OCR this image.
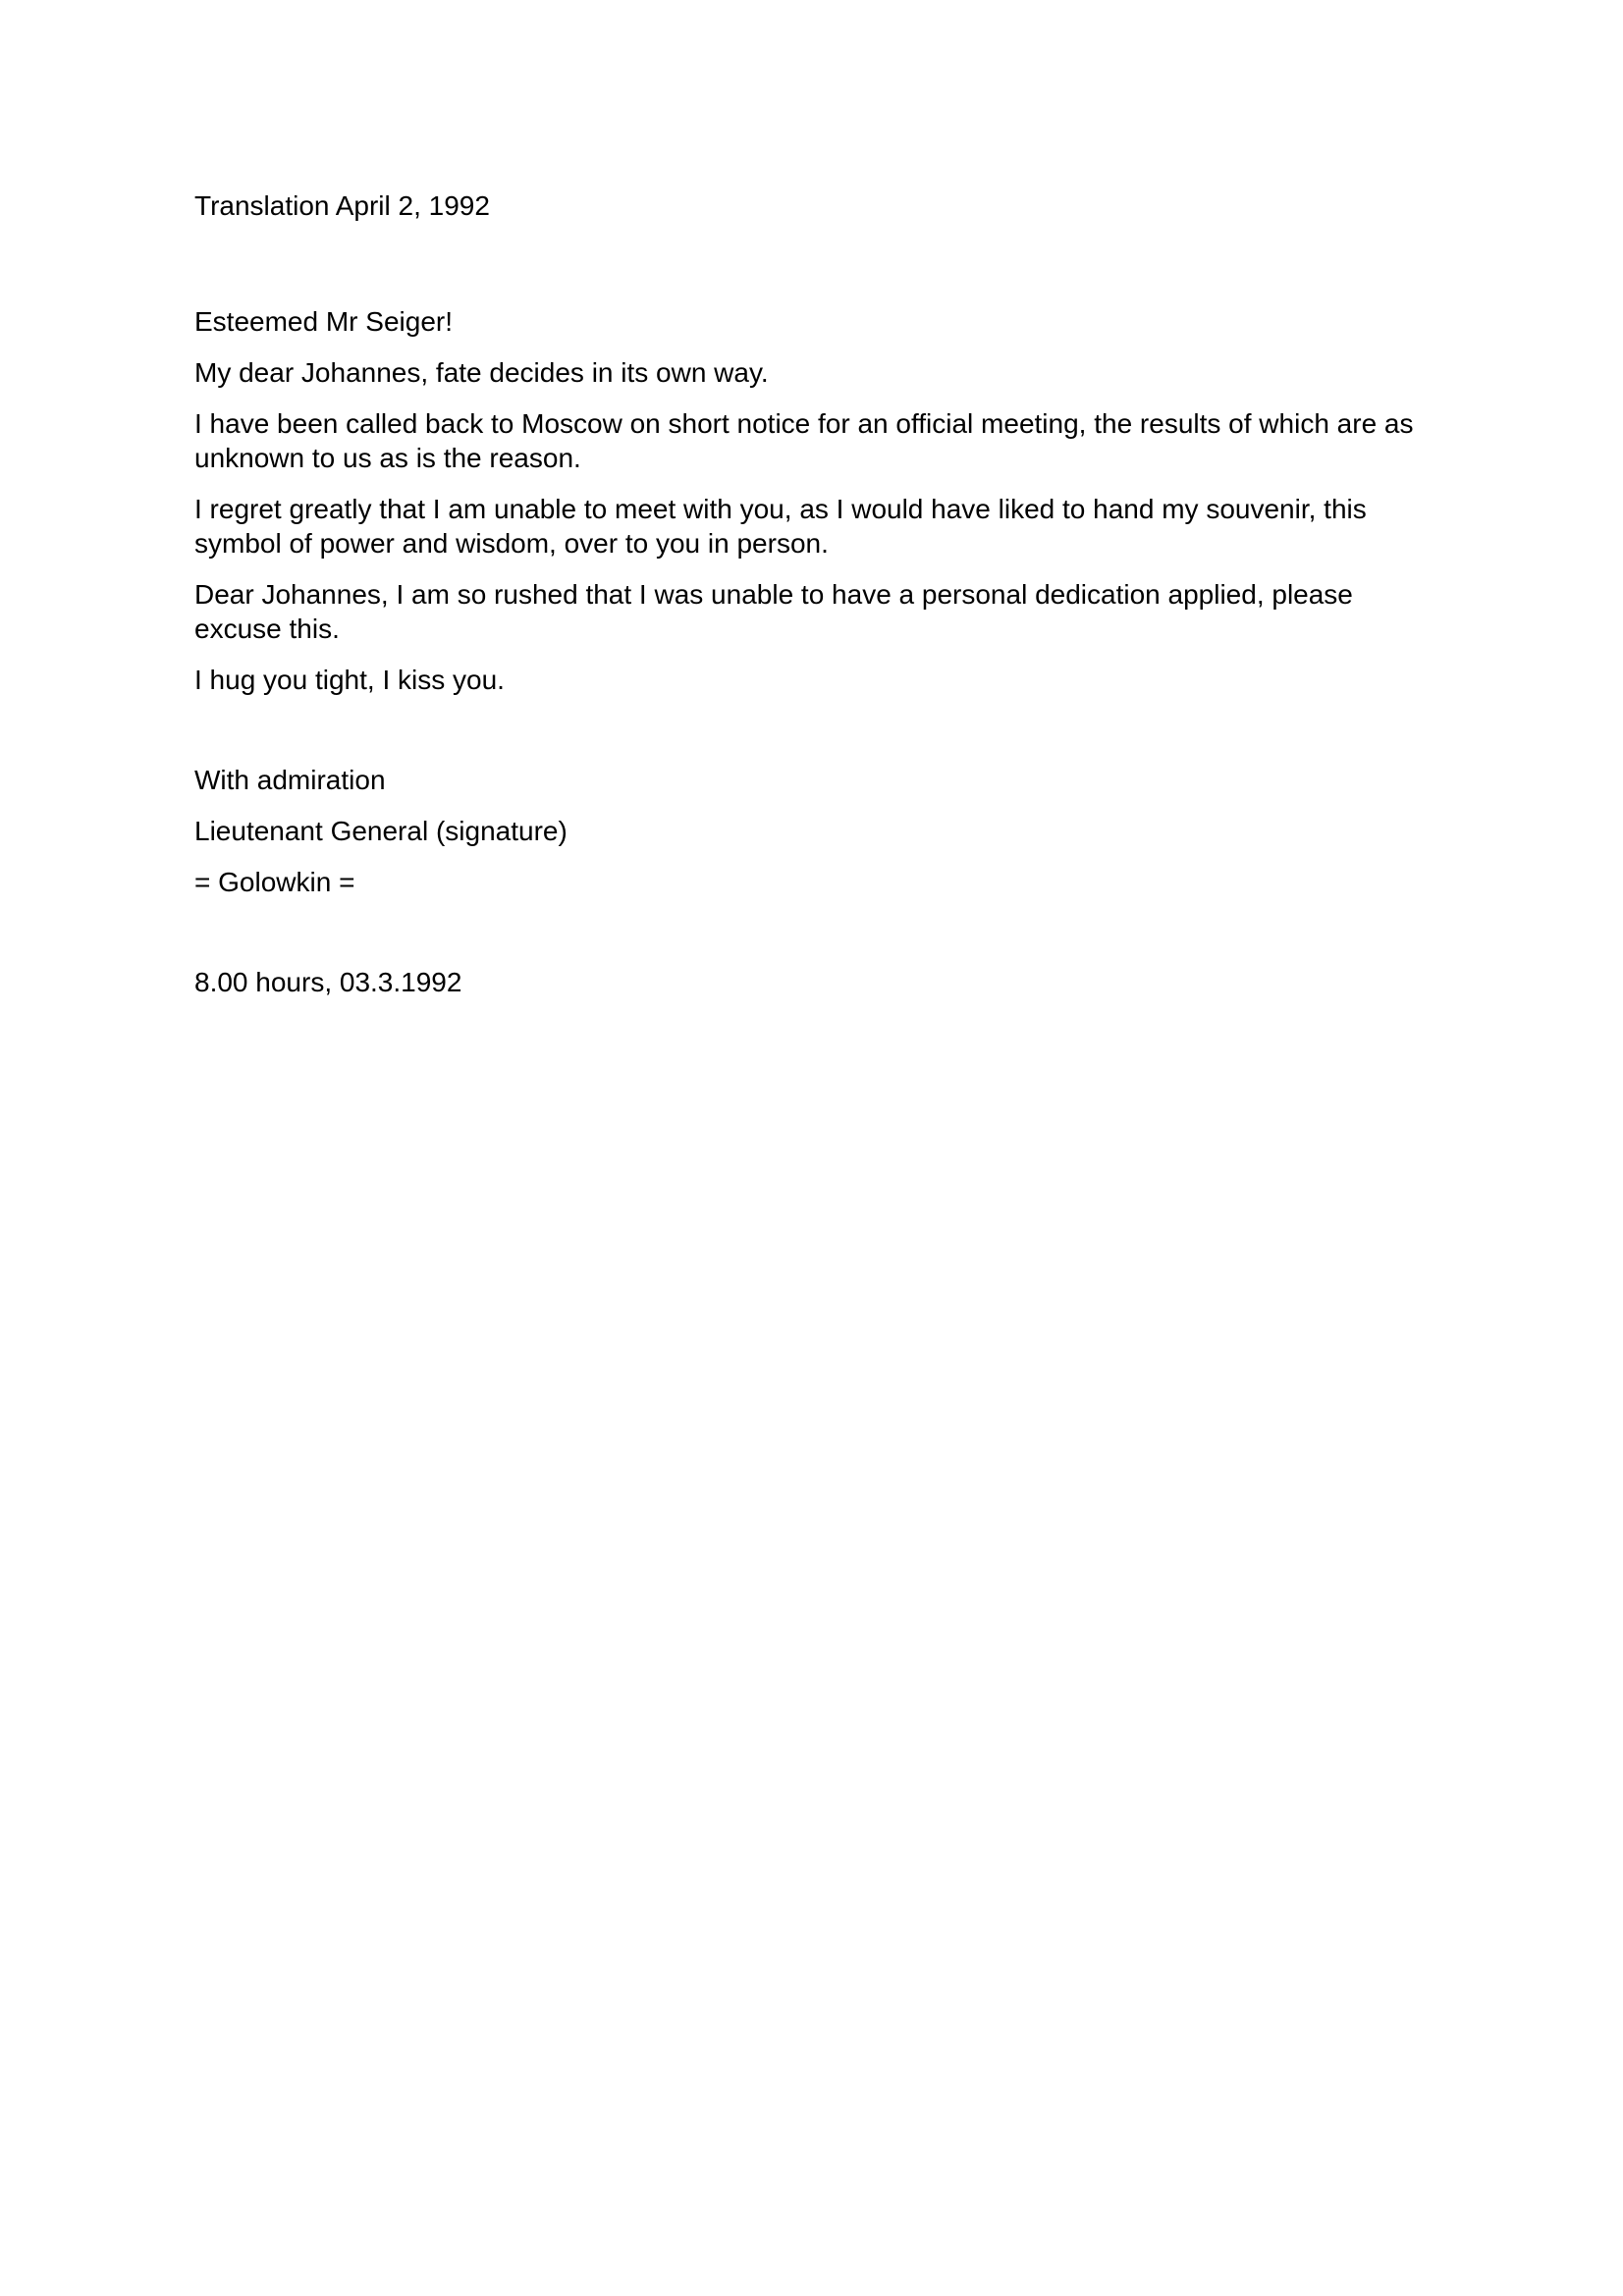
Translation April 2, 1992

Esteemed Mr Seiger!

My dear Johannes, fate decides in its own way.

I have been called back to Moscow on short notice for an official meeting, the results of which are as unknown to us as is the reason.

I regret greatly that I am unable to meet with you, as I would have liked to hand my souvenir, this symbol of power and wisdom, over to you in person.

Dear Johannes, I am so rushed that I was unable to have a personal dedication applied, please excuse this.

I hug you tight, I kiss you.

With admiration

Lieutenant General (signature)

= Golowkin =

8.00 hours, 03.3.1992
